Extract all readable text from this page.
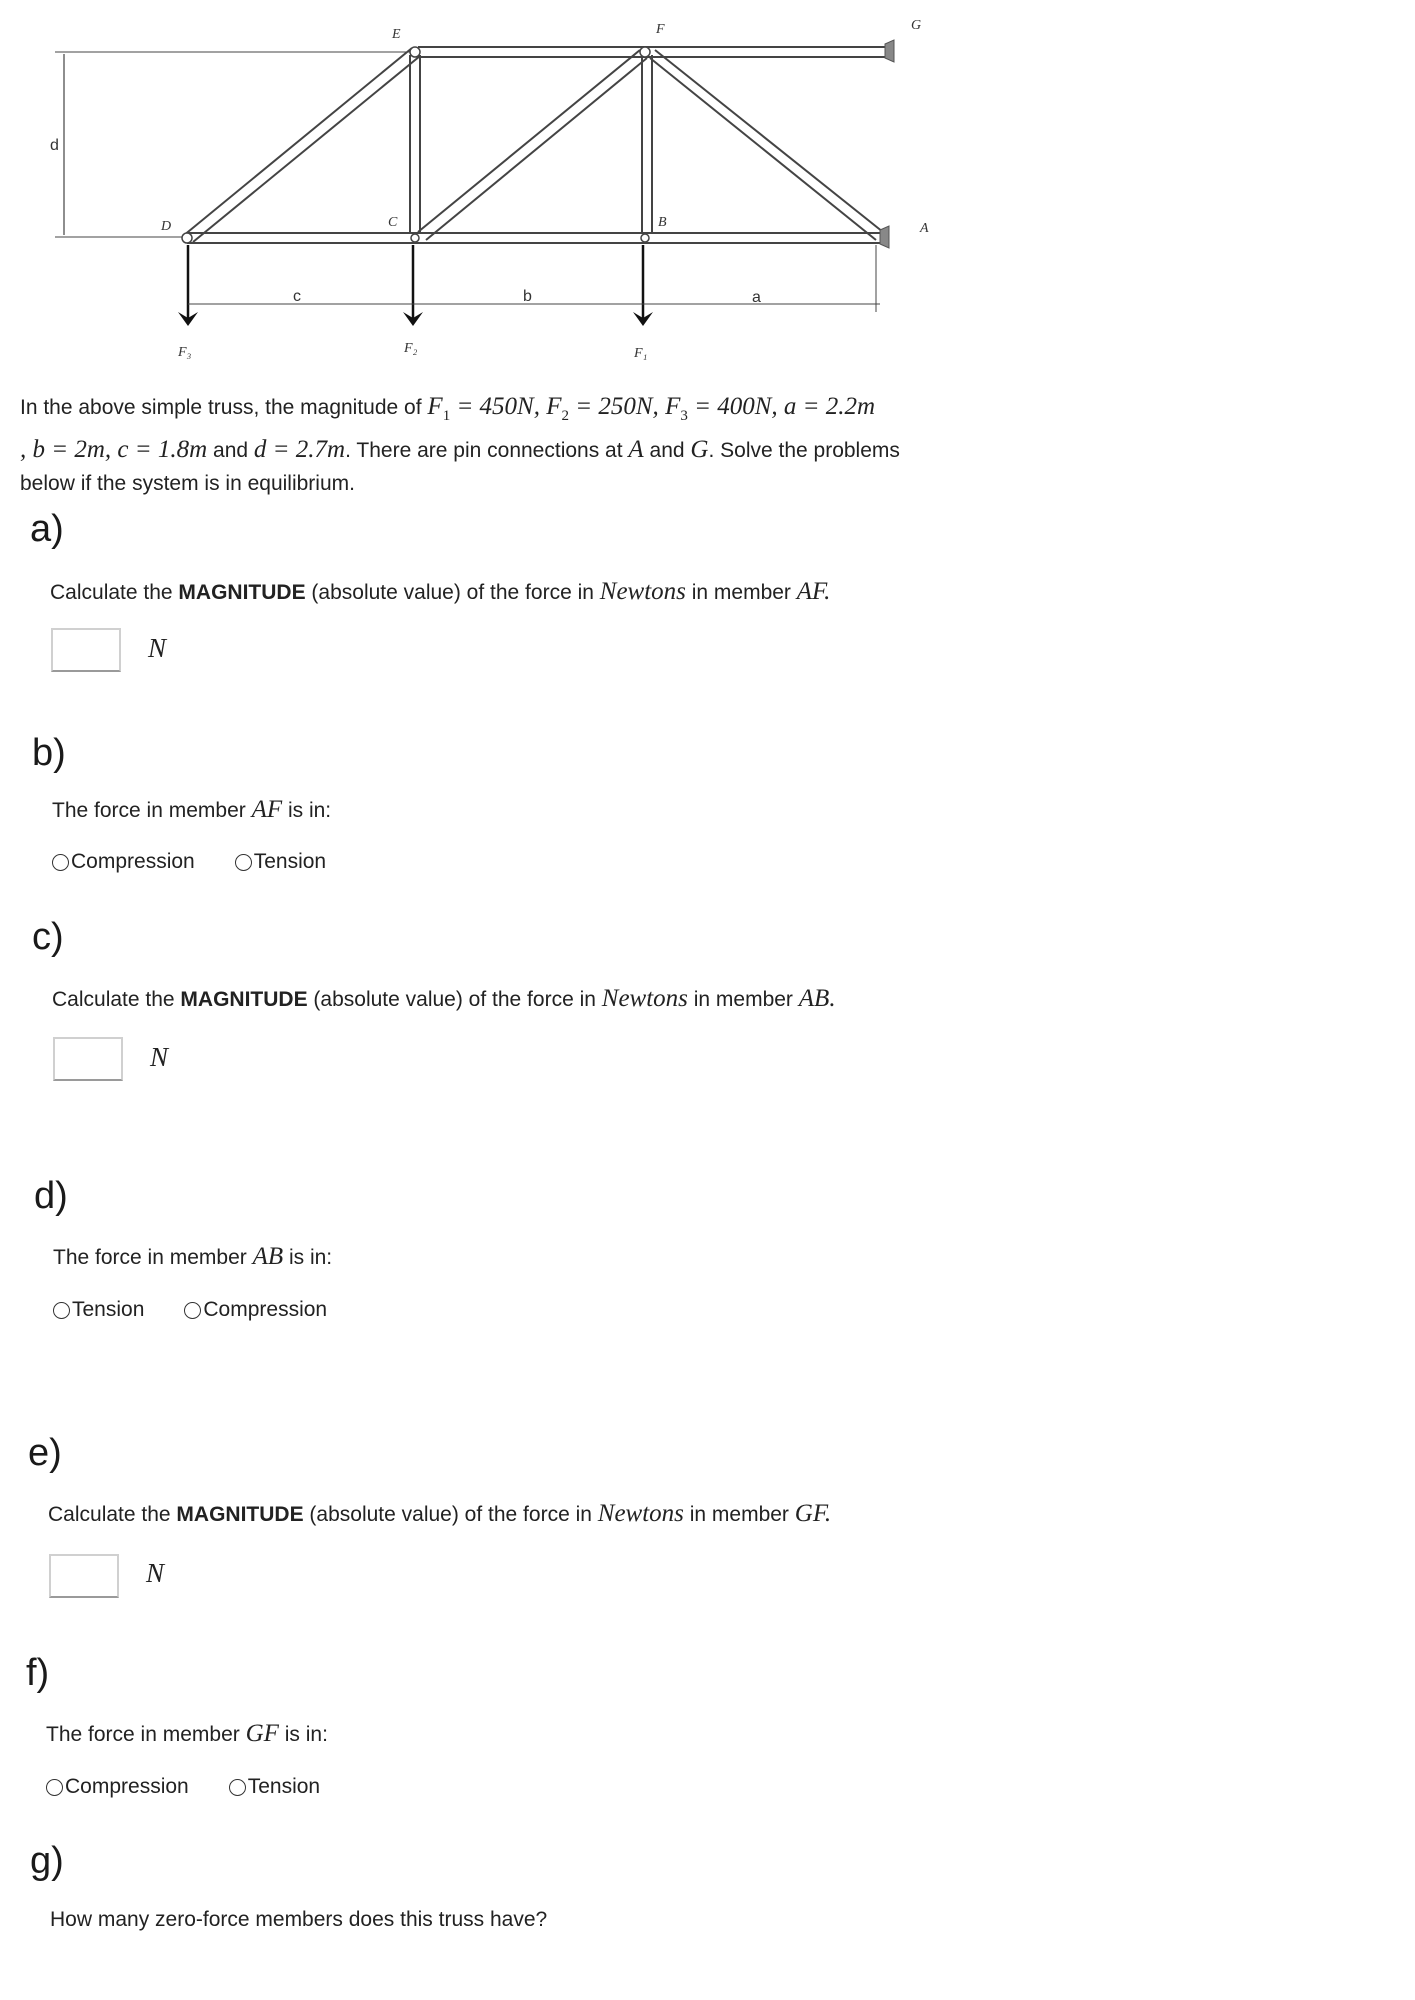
E	F	G
D	C	B	A
F₃	F₂	F₁
d
c	b	a
In the above simple truss, the magnitude of $F_1 = 450N$, $F_2 = 250N$, $F_3 = 400N$, a = 2.2m
, b = 2m, c = 1.8m and d = 2.7m. There are pin connections at A and G. Solve the problems
below if the system is in equilibrium.
a)
Calculate the MAGNITUDE (absolute value) of the force in Newtons in member AF.
N
b)
The force in member AF is in:
Compression	Tension
c)
Calculate the MAGNITUDE (absolute value) of the force in Newtons in member AB.
N
d)
The force in member AB is in:
Tension	Compression
e)
Calculate the MAGNITUDE (absolute value) of the force in Newtons in member GF.
N
f)
The force in member GF is in:
Compression	Tension
g)
How many zero-force members does this truss have?
